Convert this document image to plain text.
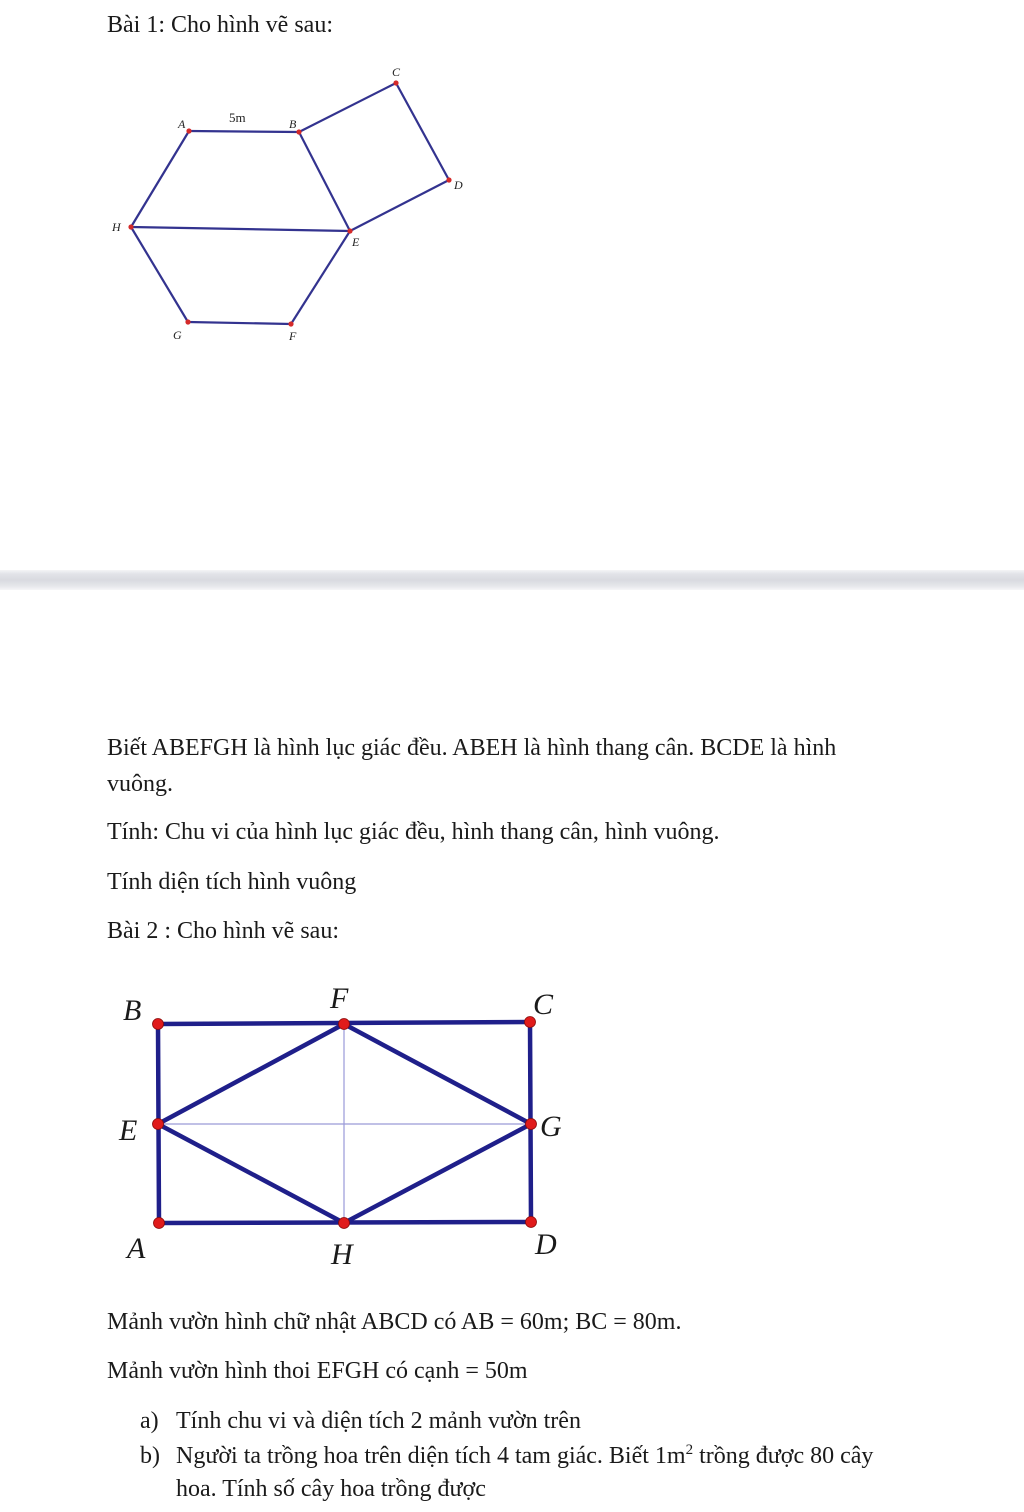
Bài 1: Cho hình vẽ sau:
A	B
C
D
E
F
G
H
5m
Biết ABEFGH là hình lục giác đều. ABEH là hình thang cân. BCDE là hình
vuông.
Tính: Chu vi của hình lục giác đều, hình thang cân, hình vuông.
Tính diện tích hình vuông
Bài 2 : Cho hình vẽ sau:
B	F	C
E	G
A	H	D
Mảnh vườn hình chữ nhật ABCD có AB = 60m; BC = 80m.
Mảnh vườn hình thoi EFGH có cạnh = 50m
a) Tính chu vi và diện tích 2 mảnh vườn trên
b) Người ta trồng hoa trên diện tích 4 tam giác. Biết $1m^2$ trồng được 80 cây
hoa. Tính số cây hoa trồng được
